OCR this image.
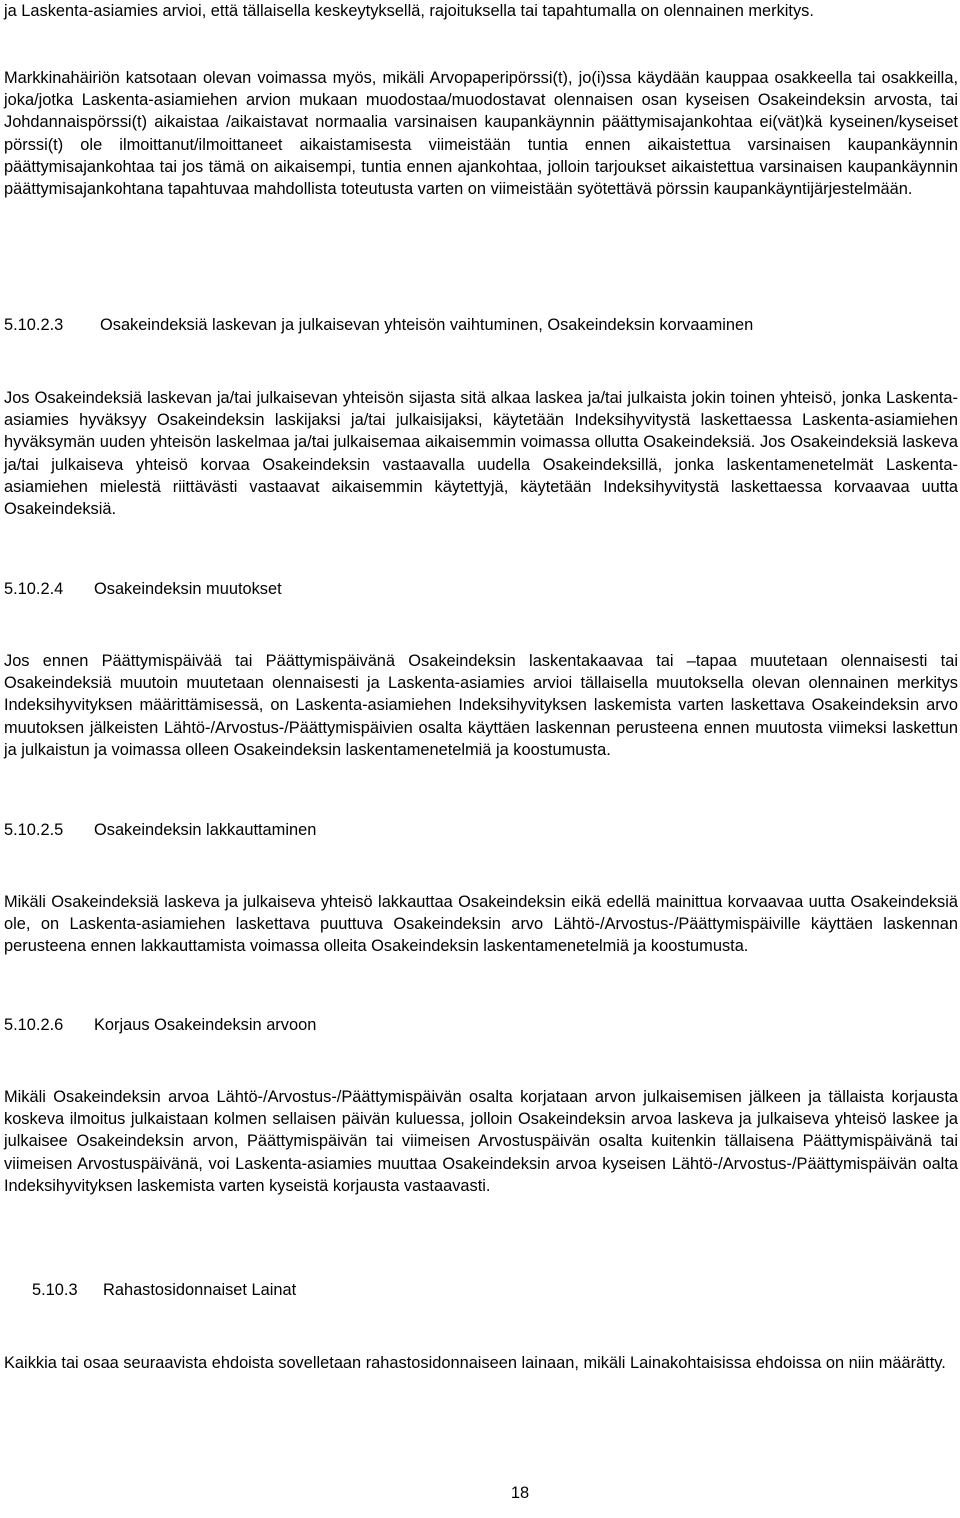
ja Laskenta-asiamies arvioi, että tällaisella keskeytyksellä, rajoituksella tai tapahtumalla on olennainen merkitys.

Markkinahäiriön katsotaan olevan voimassa myös, mikäli Arvopaperipörssi(t), jo(i)ssa käydään kauppaa osakkeella tai osakkeilla, joka/jotka Laskenta-asiamiehen arvion mukaan muodostaa/muodostavat olennaisen osan kyseisen Osakeindeksin arvosta, tai Johdannaispörssi(t) aikaistaa /aikaistavat normaalia varsinaisen kaupankäynnin päättymisajankohtaa ei(vät)kä kyseinen/kyseiset pörssi(t) ole ilmoittanut/ilmoittaneet aikaistamisesta viimeistään tuntia ennen aikaistettua varsinaisen kaupankäynnin päättymisajankohtaa tai jos tämä on aikaisempi, tuntia ennen ajankohtaa, jolloin tarjoukset aikaistettua varsinaisen kaupankäynnin päättymisajankohtana tapahtuvaa mahdollista toteutusta varten on viimeistään syötettävä pörssin kaupankäyntijärjestelmään.

5.10.2.3 Osakeindeksiä laskevan ja julkaisevan yhteisön vaihtuminen, Osakeindeksin korvaaminen

Jos Osakeindeksiä laskevan ja/tai julkaisevan yhteisön sijasta sitä alkaa laskea ja/tai julkaista jokin toinen yhteisö, jonka Laskenta-asiamies hyväksyy Osakeindeksin laskijaksi ja/tai julkaisijaksi, käytetään Indeksihyvitystä laskettaessa Laskenta-asiamiehen hyväksymän uuden yhteisön laskelmaa ja/tai julkaisemaa aikaisemmin voimassa ollutta Osakeindeksiä. Jos Osakeindeksiä laskeva ja/tai julkaiseva yhteisö korvaa Osakeindeksin vastaavalla uudella Osakeindeksillä, jonka laskentamenetelmät Laskenta-asiamiehen mielestä riittävästi vastaavat aikaisemmin käytettyjä, käytetään Indeksihyvitystä laskettaessa korvaavaa uutta Osakeindeksiä.

5.10.2.4 Osakeindeksin muutokset

Jos ennen Päättymispäivää tai Päättymispäivänä Osakeindeksin laskentakaavaa tai –tapaa muutetaan olennaisesti tai Osakeindeksiä muutoin muutetaan olennaisesti ja Laskenta-asiamies arvioi tällaisella muutoksella olevan olennainen merkitys Indeksihyvityksen määrittämisessä, on Laskenta-asiamiehen Indeksihyvityksen laskemista varten laskettava Osakeindeksin arvo muutoksen jälkeisten Lähtö-/Arvostus-/Päättymispäivien osalta käyttäen laskennan perusteena ennen muutosta viimeksi laskettun ja julkaistun ja voimassa olleen Osakeindeksin laskentamenetelmiä ja koostumusta.

5.10.2.5 Osakeindeksin lakkauttaminen

Mikäli Osakeindeksiä laskeva ja julkaiseva yhteisö lakkauttaa Osakeindeksin eikä edellä mainittua korvaavaa uutta Osakeindeksiä ole, on Laskenta-asiamiehen laskettava puuttuva Osakeindeksin arvo Lähtö-/Arvostus-/Päättymispäiville käyttäen laskennan perusteena ennen lakkauttamista voimassa olleita Osakeindeksin laskentamenetelmiä ja koostumusta.

5.10.2.6 Korjaus Osakeindeksin arvoon

Mikäli Osakeindeksin arvoa Lähtö-/Arvostus-/Päättymispäivän osalta korjataan arvon julkaisemisen jälkeen ja tällaista korjausta koskeva ilmoitus julkaistaan kolmen sellaisen päivän kuluessa, jolloin Osakeindeksin arvoa laskeva ja julkaiseva yhteisö laskee ja julkaisee Osakeindeksin arvon, Päättymispäivän tai viimeisen Arvostuspäivän osalta kuitenkin tällaisena Päättymispäivänä tai viimeisen Arvostuspäivänä, voi Laskenta-asiamies muuttaa Osakeindeksin arvoa kyseisen Lähtö-/Arvostus-/Päättymispäivän oalta Indeksihyvityksen laskemista varten kyseistä korjausta vastaavasti.

5.10.3 Rahastosidonnaiset Lainat

Kaikkia tai osaa seuraavista ehdoista sovelletaan rahastosidonnaiseen lainaan, mikäli Lainakohtaisissa ehdoissa on niin määrätty.

18
